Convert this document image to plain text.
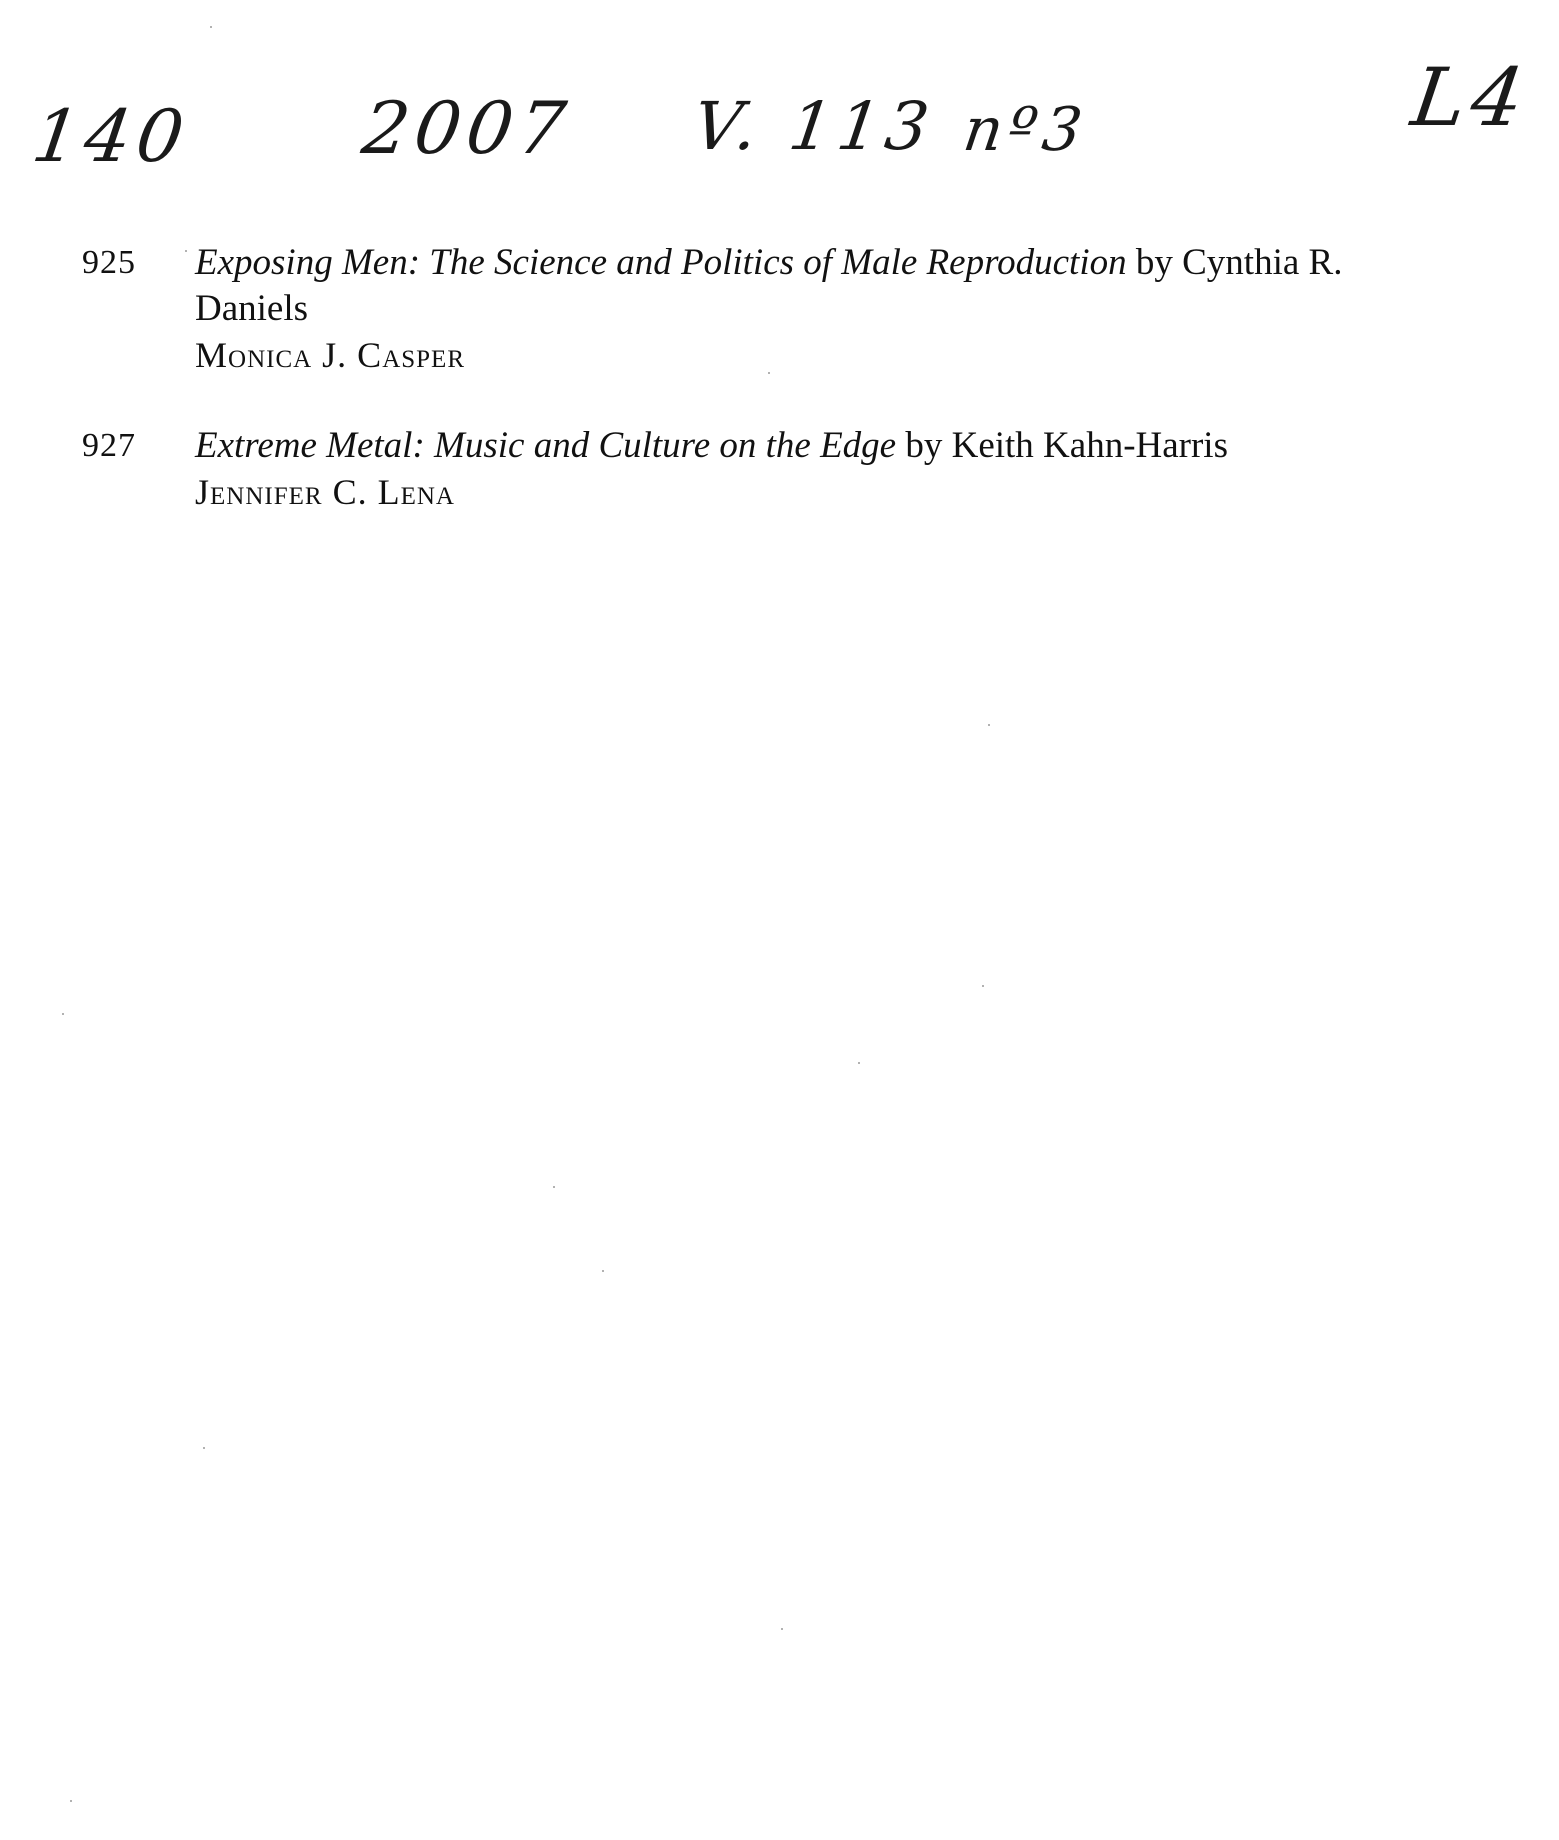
140 2007 V. 113 nº3	L4
925	Exposing Men: The Science and Politics of Male Reproduction by Cynthia R. Daniels

Monica J. Casper

927	Extreme Metal: Music and Culture on the Edge by Keith Kahn-Harris

Jennifer C. Lena
